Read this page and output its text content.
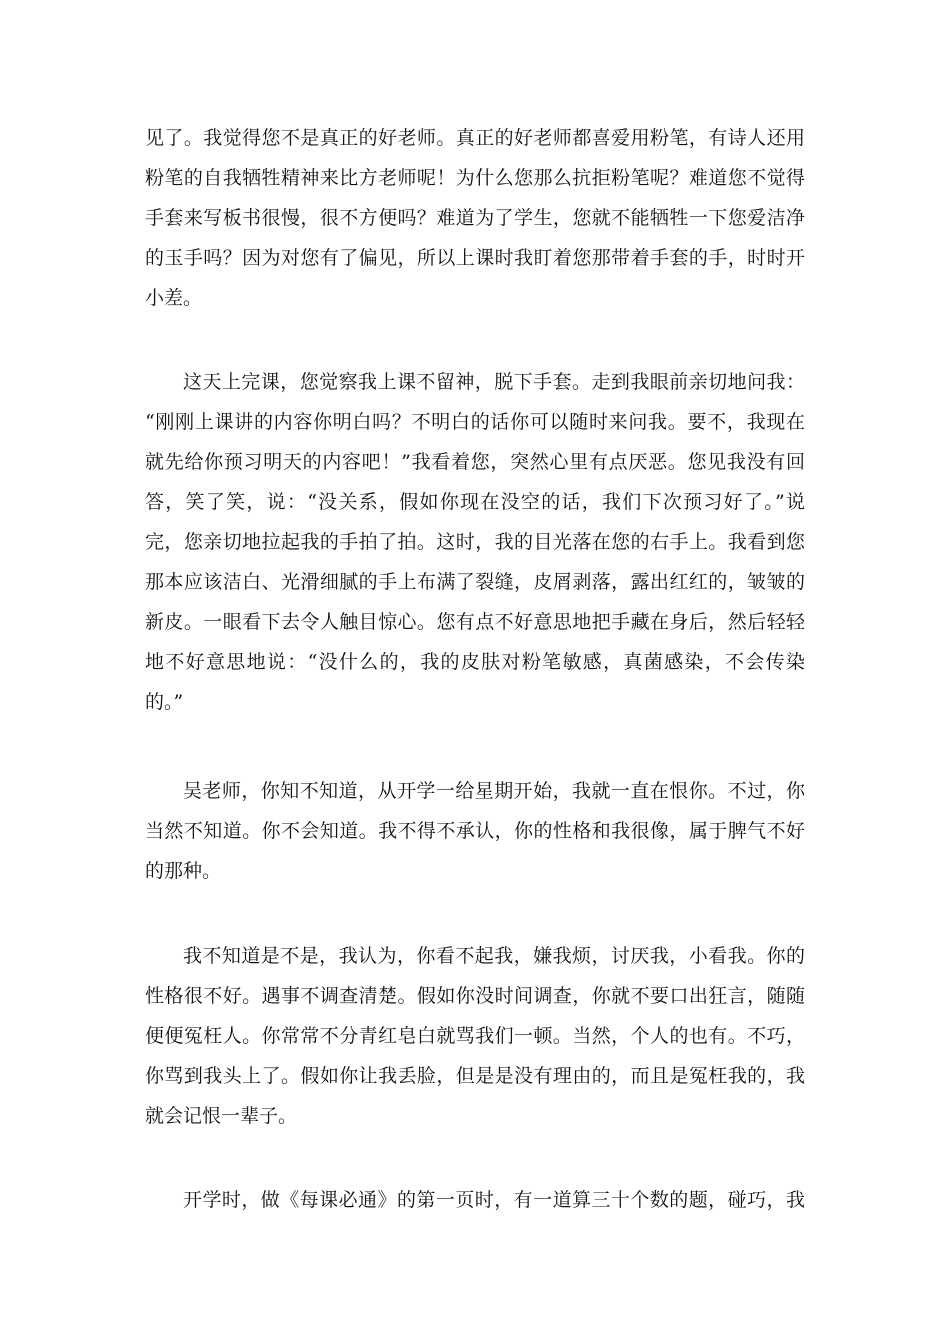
见了。我觉得您不是真正的好老师。真正的好老师都喜爱用粉笔，有诗人还用
粉笔的自我牺牲精神来比方老师呢！为什么您那么抗拒粉笔呢？难道您不觉得
手套来写板书很慢，很不方便吗？难道为了学生，您就不能牺牲一下您爱洁净
的玉手吗？因为对您有了偏见，所以上课时我盯着您那带着手套的手，时时开
小差。
这天上完课，您觉察我上课不留神，脱下手套。走到我眼前亲切地问我：
“刚刚上课讲的内容你明白吗？不明白的话你可以随时来问我。要不，我现在
就先给你预习明天的内容吧！”我看着您，突然心里有点厌恶。您见我没有回
答，笑了笑，说：“没关系，假如你现在没空的话，我们下次预习好了。”说
完，您亲切地拉起我的手拍了拍。这时，我的目光落在您的右手上。我看到您
那本应该洁白、光滑细腻的手上布满了裂缝，皮屑剥落，露出红红的，皱皱的
新皮。一眼看下去令人触目惊心。您有点不好意思地把手藏在身后，然后轻轻
地不好意思地说：“没什么的，我的皮肤对粉笔敏感，真菌感染，不会传染
的。”
吴老师，你知不知道，从开学一给星期开始，我就一直在恨你。不过，你
当然不知道。你不会知道。我不得不承认，你的性格和我很像，属于脾气不好
的那种。
我不知道是不是，我认为，你看不起我，嫌我烦，讨厌我，小看我。你的
性格很不好。遇事不调查清楚。假如你没时间调查，你就不要口出狂言，随随
便便冤枉人。你常常不分青红皂白就骂我们一顿。当然，个人的也有。不巧，
你骂到我头上了。假如你让我丢脸，但是是没有理由的，而且是冤枉我的，我
就会记恨一辈子。
开学时，做《每课必通》的第一页时，有一道算三十个数的题，碰巧，我
